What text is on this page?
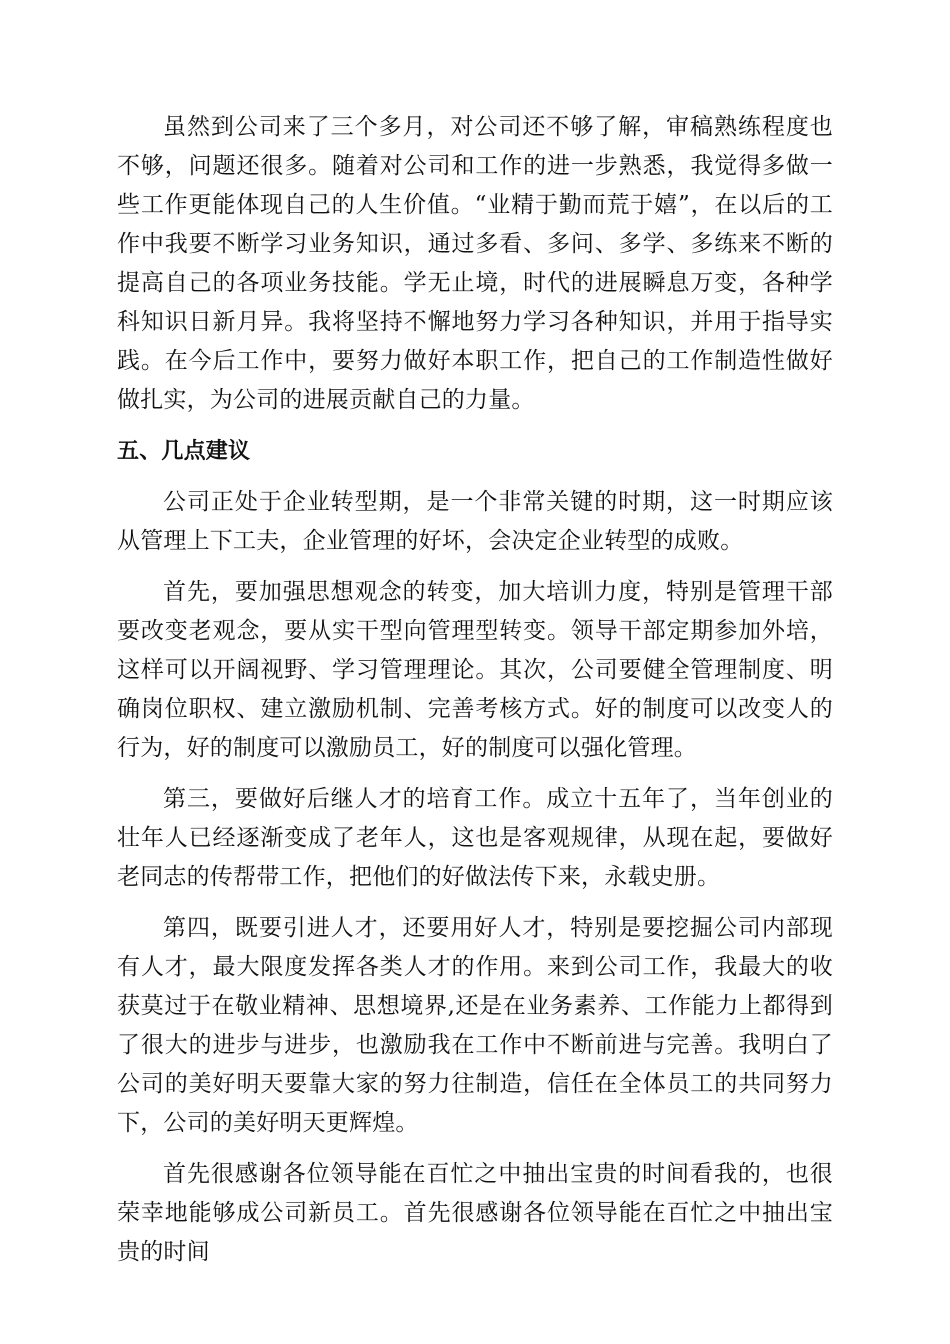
虽然到公司来了三个多月，对公司还不够了解，审稿熟练程度也不够，问题还很多。随着对公司和工作的进一步熟悉，我觉得多做一些工作更能体现自己的人生价值。“业精于勤而荒于嬉”，在以后的工作中我要不断学习业务知识，通过多看、多问、多学、多练来不断的提高自己的各项业务技能。学无止境，时代的进展瞬息万变，各种学科知识日新月异。我将坚持不懈地努力学习各种知识，并用于指导实践。在今后工作中，要努力做好本职工作，把自己的工作制造性做好做扎实，为公司的进展贡献自己的力量。

五、几点建议

公司正处于企业转型期，是一个非常关键的时期，这一时期应该从管理上下工夫，企业管理的好坏，会决定企业转型的成败。

首先，要加强思想观念的转变，加大培训力度，特别是管理干部要改变老观念，要从实干型向管理型转变。领导干部定期参加外培，这样可以开阔视野、学习管理理论。其次，公司要健全管理制度、明确岗位职权、建立激励机制、完善考核方式。好的制度可以改变人的行为，好的制度可以激励员工，好的制度可以强化管理。

第三，要做好后继人才的培育工作。成立十五年了，当年创业的壮年人已经逐渐变成了老年人，这也是客观规律，从现在起，要做好老同志的传帮带工作，把他们的好做法传下来，永载史册。

第四，既要引进人才，还要用好人才，特别是要挖掘公司内部现有人才，最大限度发挥各类人才的作用。来到公司工作，我最大的收获莫过于在敬业精神、思想境界,还是在业务素养、工作能力上都得到了很大的进步与进步，也激励我在工作中不断前进与完善。我明白了公司的美好明天要靠大家的努力往制造，信任在全体员工的共同努力下，公司的美好明天更辉煌。

首先很感谢各位领导能在百忙之中抽出宝贵的时间看我的，也很荣幸地能够成公司新员工。首先很感谢各位领导能在百忙之中抽出宝贵的时间
